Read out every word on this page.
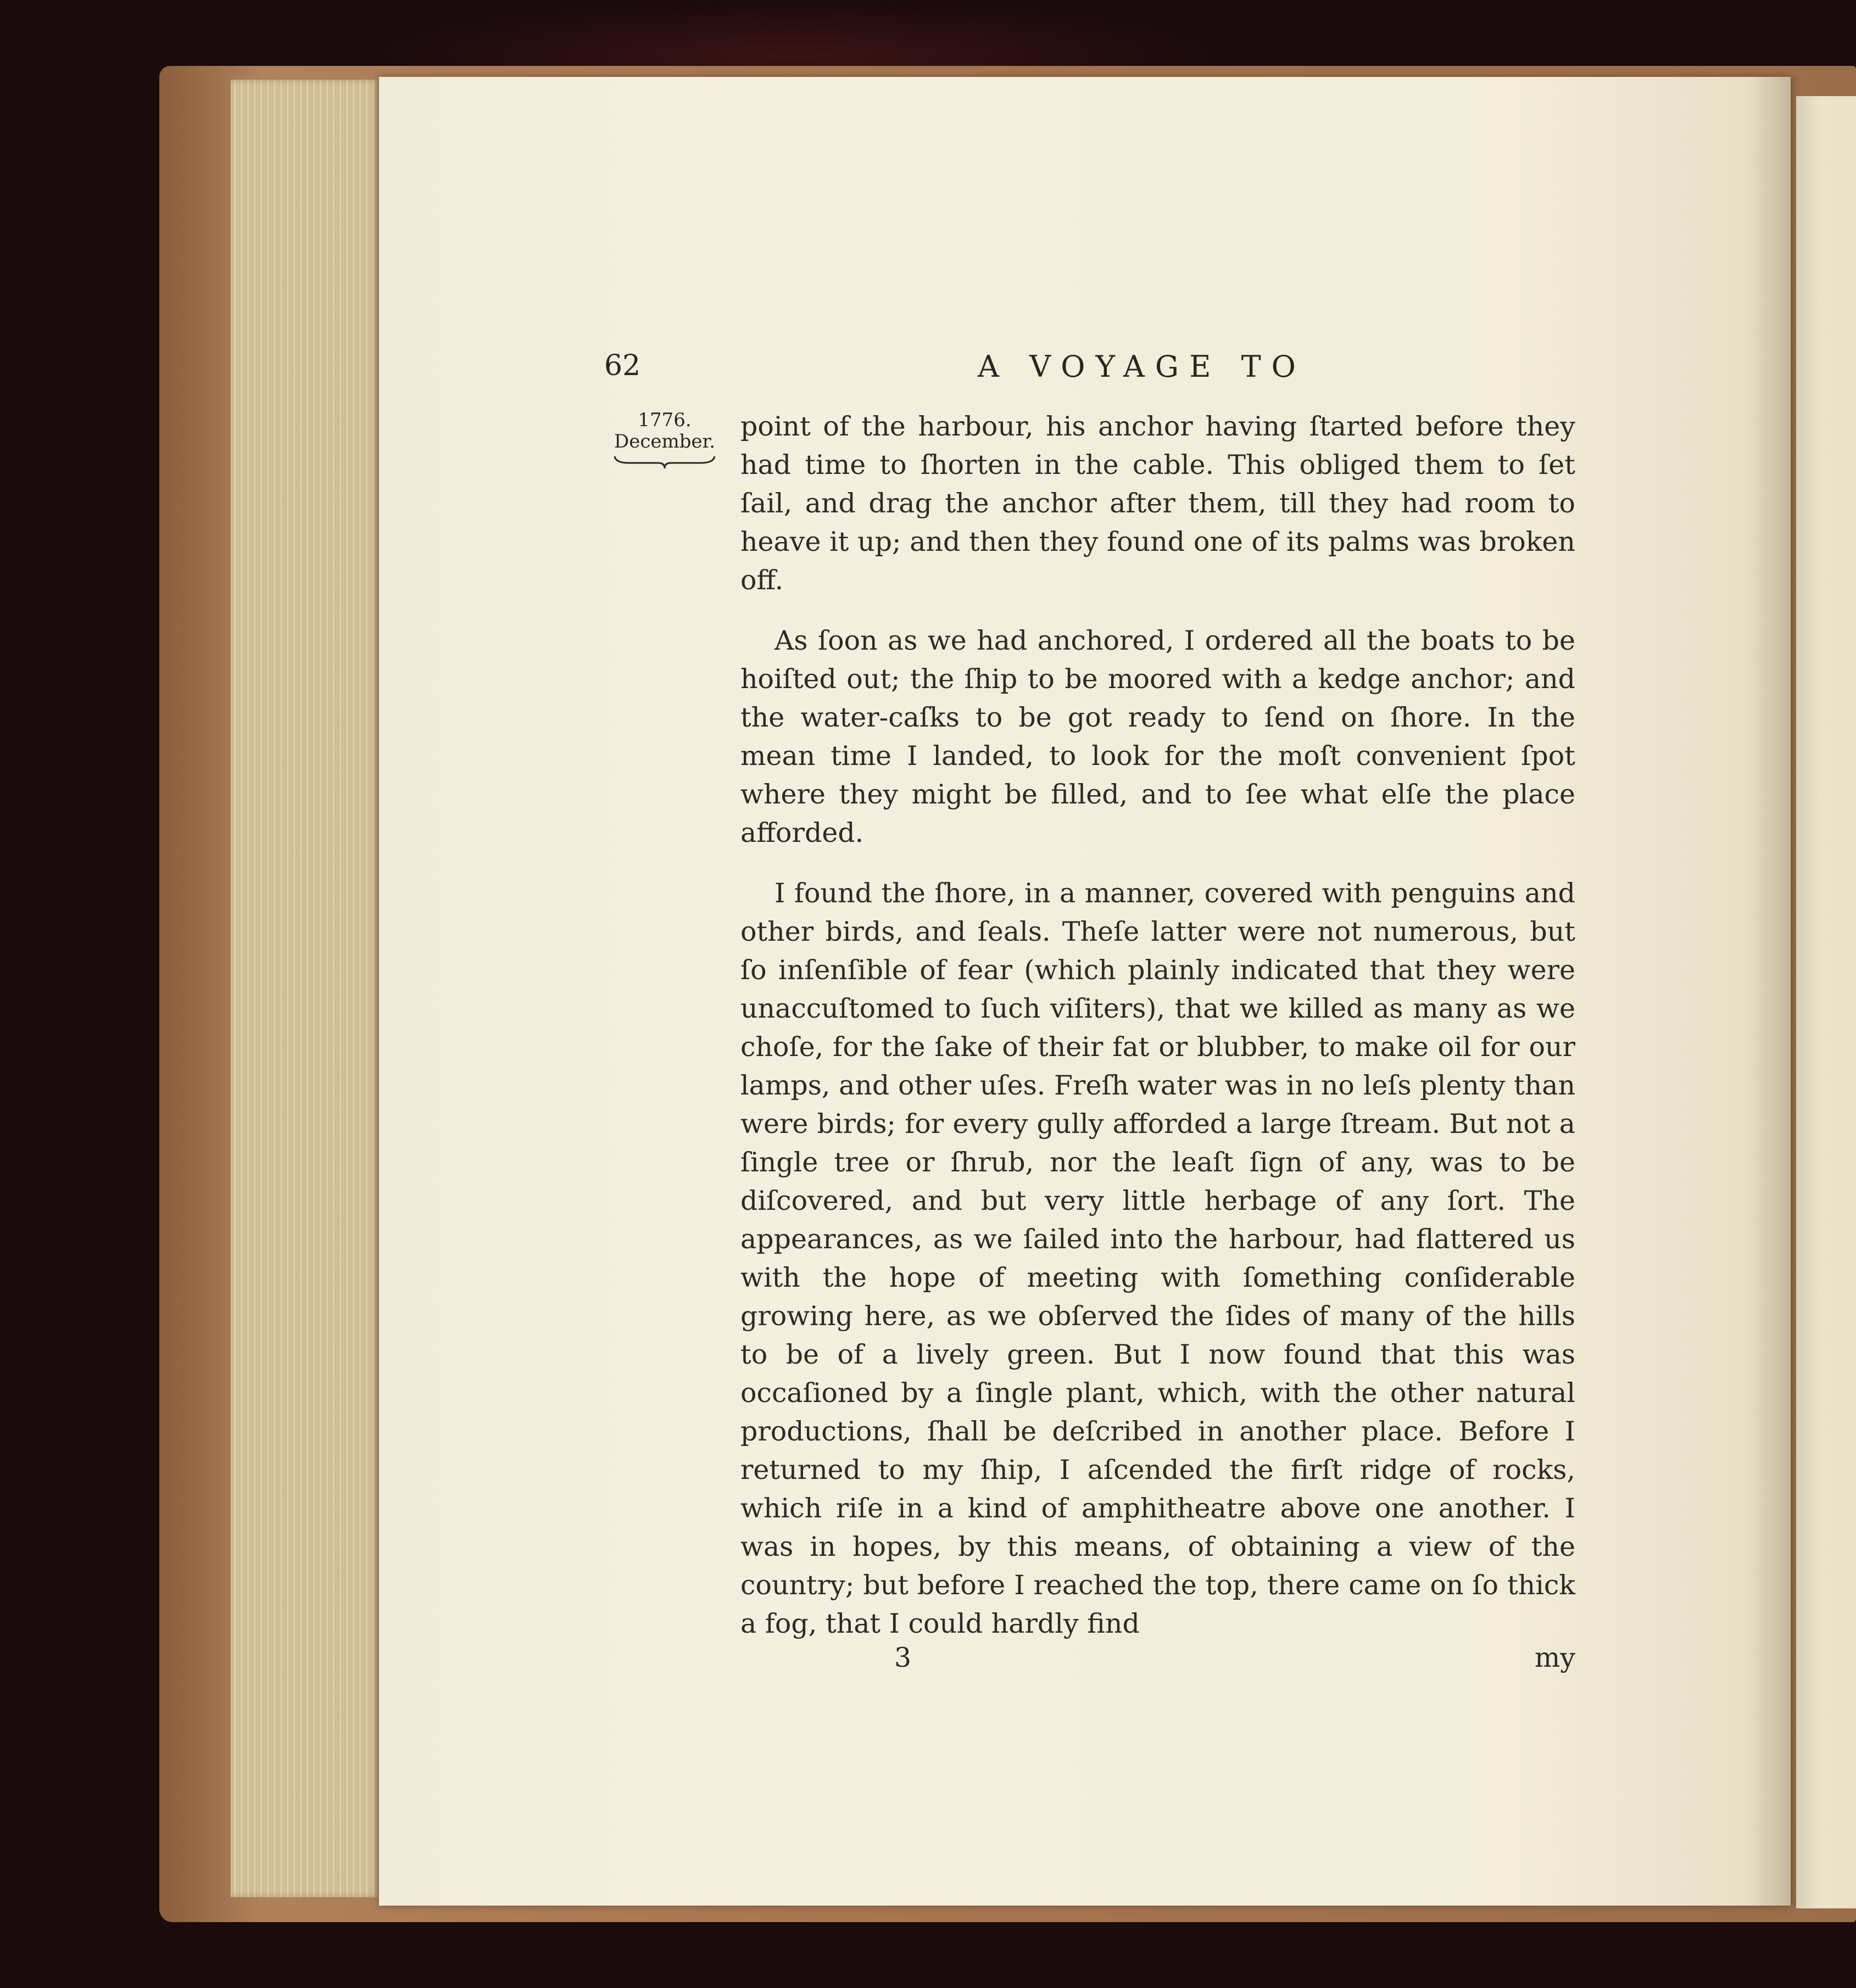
62	A VOYAGE TO
1776.
December. point of the harbour, his anchor having ſtarted before they had time to ſhorten in the cable. This obliged them to ſet ſail, and drag the anchor after them, till they had room to heave it up; and then they found one of its palms was broken off.

As ſoon as we had anchored, I ordered all the boats to be hoiſted out; the ſhip to be moored with a kedge anchor; and the water-caſks to be got ready to ſend on ſhore. In the mean time I landed, to look for the moſt convenient ſpot where they might be filled, and to ſee what elſe the place afforded.

I found the ſhore, in a manner, covered with penguins and other birds, and ſeals. Theſe latter were not numerous, but ſo inſenſible of fear (which plainly indicated that they were unaccuſtomed to ſuch viſiters), that we killed as many as we choſe, for the ſake of their fat or blubber, to make oil for our lamps, and other uſes. Freſh water was in no leſs plenty than were birds; for every gully afforded a large ſtream. But not a ſingle tree or ſhrub, nor the leaſt ſign of any, was to be diſcovered, and but very little herbage of any ſort. The appearances, as we ſailed into the harbour, had flattered us with the hope of meeting with ſomething conſiderable growing here, as we obſerved the ſides of many of the hills to be of a lively green. But I now found that this was occaſioned by a ſingle plant, which, with the other natural productions, ſhall be deſcribed in another place. Before I returned to my ſhip, I aſcended the firſt ridge of rocks, which riſe in a kind of amphitheatre above one another. I was in hopes, by this means, of obtaining a view of the country; but before I reached the top, there came on ſo thick a fog, that I could hardly find

3	my
